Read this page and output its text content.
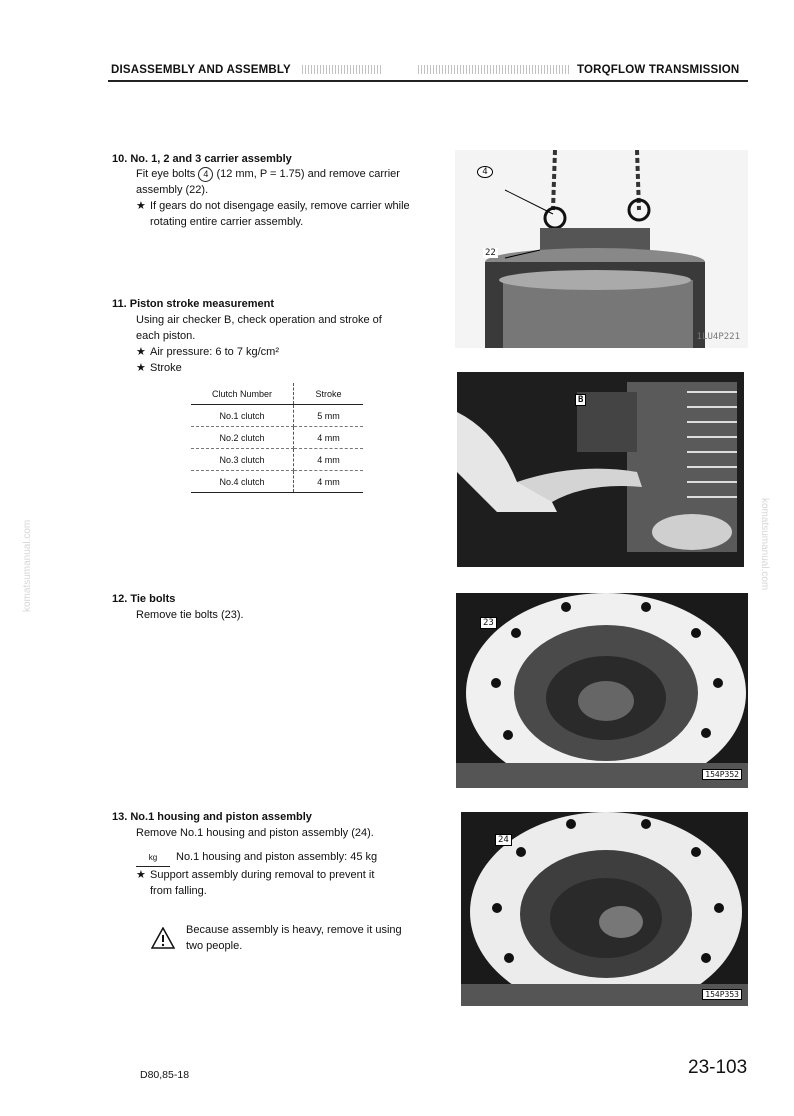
DISASSEMBLY AND ASSEMBLY	TORQFLOW TRANSMISSION
10. No. 1, 2 and 3 carrier assembly
Fit eye bolts 4 (12 mm, P = 1.75) and remove carrier
assembly (22).
★ If gears do not disengage easily, remove carrier while
rotating entire carrier assembly.
11. Piston stroke measurement
Using air checker B, check operation and stroke of
each piston.
★ Air pressure: 6 to 7 kg/cm²
★ Stroke
Clutch Number	Stroke
No.1 clutch	5 mm
No.2 clutch	4 mm
No.3 clutch	4 mm
No.4 clutch	4 mm
12. Tie bolts
Remove tie bolts (23).
13. No.1 housing and piston assembly
Remove No.1 housing and piston assembly (24).
kg No.1 housing and piston assembly: 45 kg
★ Support assembly during removal to prevent it
from falling.
Because assembly is heavy, remove it using
two people.
4
22
1LU4P221
B
23
154P352
24
154P353
komatsumanual.com	komatsumanual.com
D80,85-18	23-103
